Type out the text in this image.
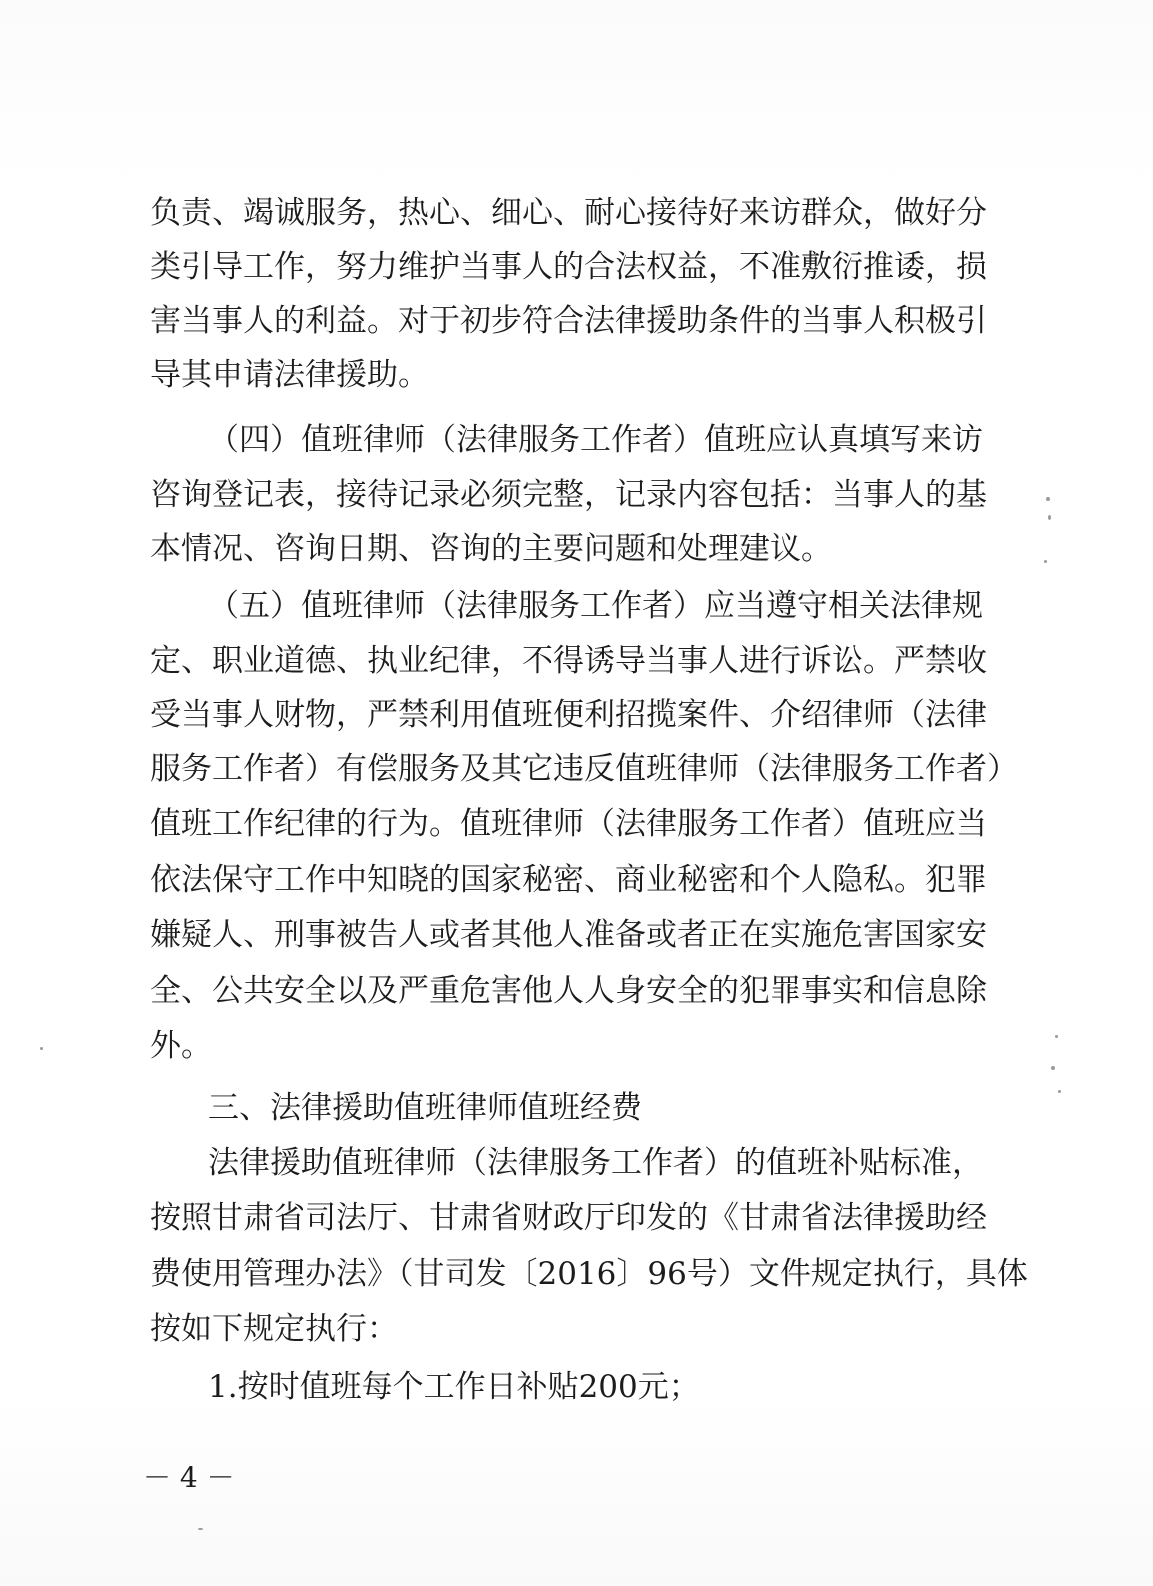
负责、竭诚服务，热心、细心、耐心接待好来访群众，做好分
类引导工作，努力维护当事人的合法权益，不准敷衍推诿，损
害当事人的利益。对于初步符合法律援助条件的当事人积极引
导其申请法律援助。
（四）值班律师（法律服务工作者）值班应认真填写来访
咨询登记表，接待记录必须完整，记录内容包括：当事人的基
本情况、咨询日期、咨询的主要问题和处理建议。
（五）值班律师（法律服务工作者）应当遵守相关法律规
定、职业道德、执业纪律，不得诱导当事人进行诉讼。严禁收
受当事人财物，严禁利用值班便利招揽案件、介绍律师（法律
服务工作者）有偿服务及其它违反值班律师（法律服务工作者）
值班工作纪律的行为。值班律师（法律服务工作者）值班应当
依法保守工作中知晓的国家秘密、商业秘密和个人隐私。犯罪
嫌疑人、刑事被告人或者其他人准备或者正在实施危害国家安
全、公共安全以及严重危害他人人身安全的犯罪事实和信息除
外。
三、法律援助值班律师值班经费
法律援助值班律师（法律服务工作者）的值班补贴标准，
按照甘肃省司法厅、甘肃省财政厅印发的《甘肃省法律援助经
费使用管理办法》（甘司发〔2016〕96号）文件规定执行，具体
按如下规定执行：
1.按时值班每个工作日补贴200元；
－ 4 －
